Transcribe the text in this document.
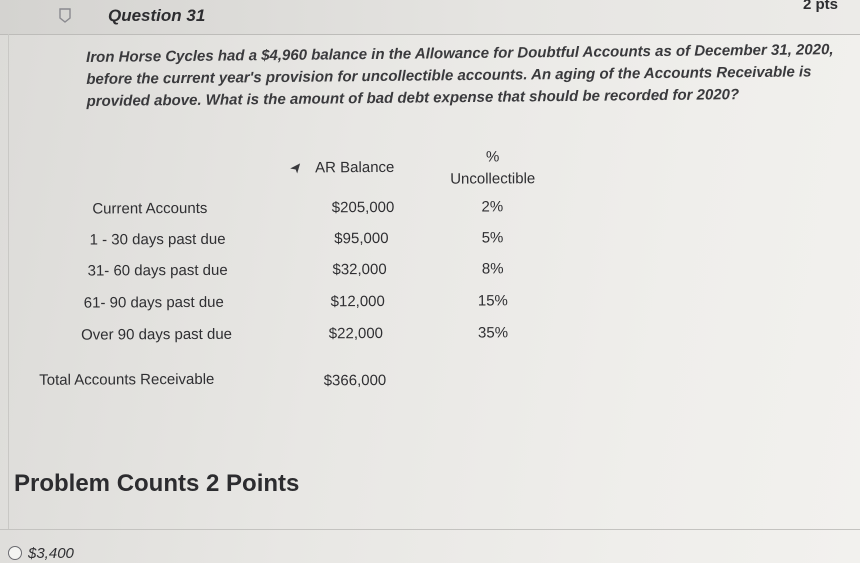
Question 31
2 pts
Iron Horse Cycles had a $4,960 balance in the Allowance for Doubtful Accounts as of December 31, 2020, before the current year's provision for uncollectible accounts. An aging of the Accounts Receivable is provided above. What is the amount of bad debt expense that should be recorded for 2020?
AR Balance
%
Uncollectible
Current Accounts	$205,000	2%
1 - 30 days past due	$95,000	5%
31- 60 days past due	$32,000	8%
61- 90 days past due	$12,000	15%
Over 90 days past due	$22,000	35%
Total Accounts Receivable	$366,000
Problem Counts 2 Points
$3,400
